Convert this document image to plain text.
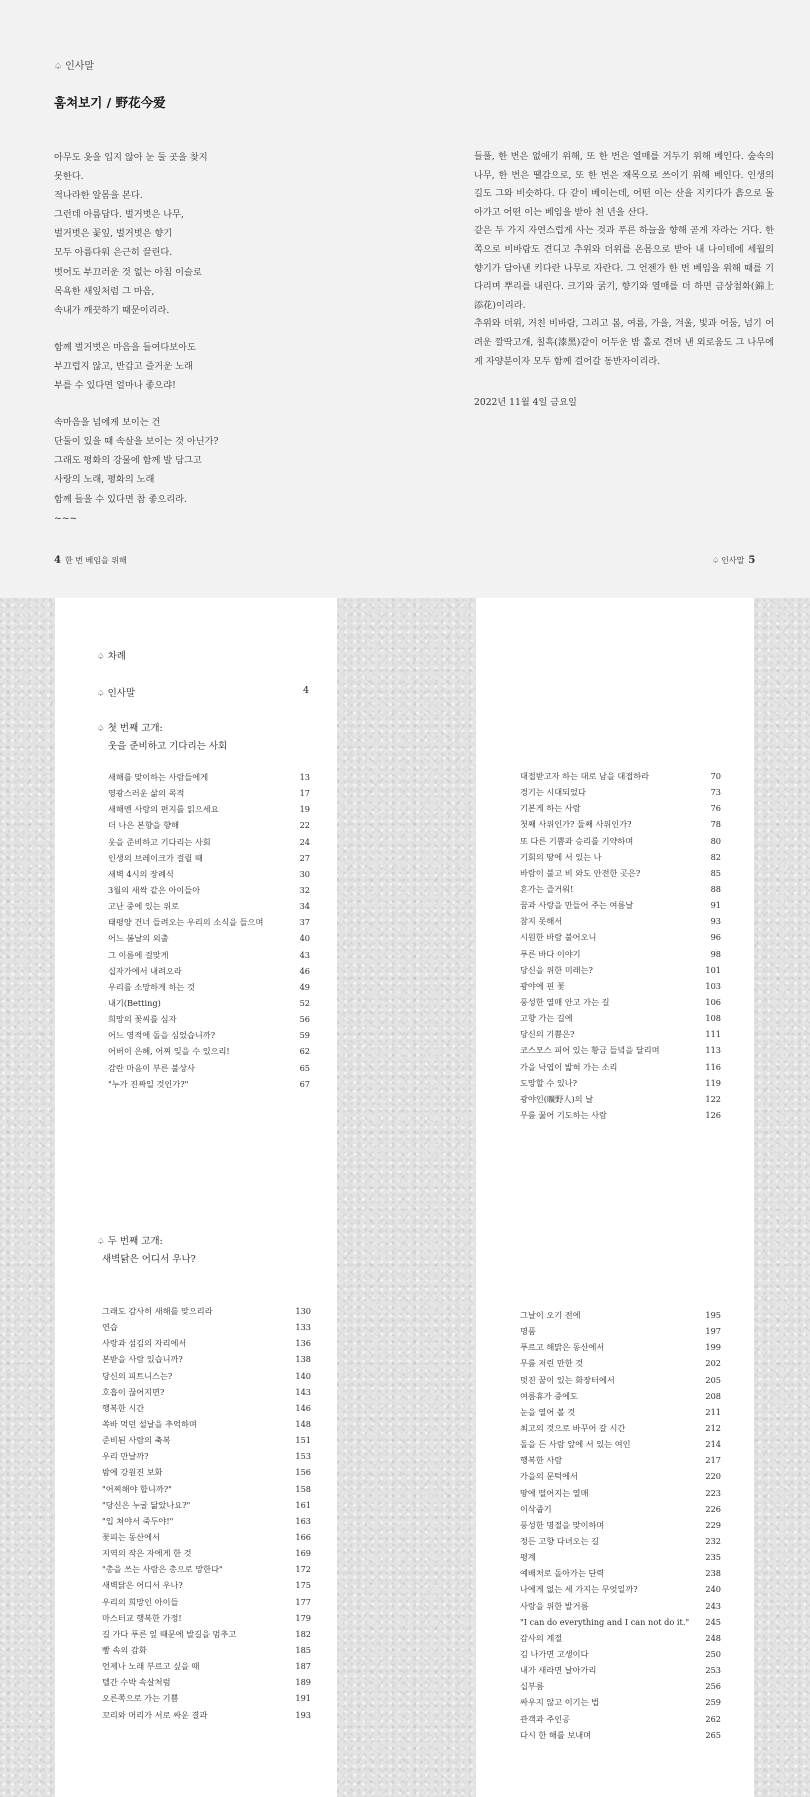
♤ 인사말
훔쳐보기 / 野花今爱
아무도 옷을 입지 않아 눈 둘 곳을 찾지
못한다.
적나라한 알몸을 본다.
그런데 아름답다. 벌거벗은 나무,
벌거벗은 꽃잎, 벌거벗은 향기
모두 아름다워 은근히 끌린다.
벗어도 부끄러운 것 없는 아침 이슬로
목욕한 새잎처럼 그 마음,
속내가 깨끗하기 때문이리라.
함께 벌거벗은 마음을 들여다보아도
부끄럽지 않고, 반갑고 즐거운 노래
부를 수 있다면 얼마나 좋으랴!
속마음을 넘에게 보이는 건
단둘이 있을 때 속살을 보이는 것 아닌가?
그래도 평화의 강물에 함께 발 담그고
사랑의 노래, 평화의 노래
함께 들을 수 있다면 참 좋으리라.
~~~
4 한 번 베임을 위해

들풀, 한 번은 없애기 위해, 또 한 번은 열매를 거두기 위해 베인다. 숲속의 나무, 한 번은 땔감으로, 또 한 번은 재목으로 쓰이기 위해 베인다. 인생의 길도 그와 비슷하다. 다 같이 베이는데, 어떤 이는 산을 지키다가 흙으로 돌아가고 어떤 이는 베임을 받아 천 년을 산다.

같은 두 가지 자연스럽게 사는 것과 푸른 하늘을 향해 곧게 자라는 거다. 한쪽으로 비바람도 견디고 추위와 더위를 온몸으로 받아 내 나이테에 세월의 향기가 담아낸 키다란 나무로 자란다. 그 언젠가 한 번 베임을 위해 때를 기다리며 뿌리를 내린다. 크기와 굵기, 향기와 열매를 더 하면 금상첨화(錦上添花)이리라.

추위와 더위, 거친 비바람, 그리고 봄, 여름, 가을, 겨울, 빛과 어둠, 넘기 어려운 깔딱고개, 칠흑(漆黑)같이 어두운 밤 홀로 견뎌 낸 외로움도 그 나무에게 자양분이자 모두 함께 걸어갈 동반자이리라.

2022년 11월 4일 금요일
♤ 인사말 5
♤ 차례
♤ 인사말	4
♤ 첫 번째 고개:
웃을 준비하고 기다리는 사회
새해를 맞이하는 사람들에게	13
영광스러운 삶의 목적	17
새해엔 사랑의 편지를 읽으세요	19
더 나은 본향을 향해	22
웃을 준비하고 기다리는 사회	24
인생의 브레이크가 걸릴 때	27
새벽 4시의 장례식	30
3월의 새싹 같은 아이들아	32
고난 중에 있는 위로	34
태평양 건너 들려오는 우리의 소식을 들으며	37
어느 봄날의 외출	40
그 이름에 걸맞게	43
십자가에서 내려오라	46
우리를 소망하게 하는 것	49
내기(Betting)	52
희망의 꽃씨를 심자	56
어느 영적에 돌을 심었습니까?	59
어버이 은혜, 어찌 잊을 수 있으리!	62
감란 마음이 부른 불상사	65
"누가 진짜일 것인가?"	67
♤ 두 번째 고개:
새벽닭은 어디서 우나?
그래도 감사히 새해를 맞으리라	130
연습	133
사랑과 섬김의 자리에서	136
본받을 사람 있습니까?	138
당신의 피트니스는?	140
호흡이 끊어지면?	143
행복한 시간	146
쏙바 먹던 설날을 추억하며	148
준비된 사람의 축복	151
우리 만날까?	153
밤에 강원진 보화	156
"어찌해야 합니까?"	158
"당신은 누굴 닮았나요?"	161
"입 쳐야서 죽두야!"	163
꽃피는 동산에서	166
지역의 작은 자에게 한 것	169
"총을 쓰는 사람은 총으로 망한다"	172
새벽닭은 어디서 우나?	175
우리의 희망인 아이들	177
마스터교 행복한 가정!	179
길 가다 푸른 잎 때문에 발길을 멈추고	182
빵 속의 감화	185
언제나 노래 부르고 싶을 때	187
텔간 수박 속살처럼	189
오른쪽으로 가는 기쁨	191
꼬리와 머리가 서로 싸운 결과	193
대접받고자 하는 대로 남을 대접하라	70
경기는 시대되었다	73
기본게 하는 사람	76
첫째 사위인가? 둘째 사위인가?	78
또 다른 기쁨과 승리를 기약하며	80
기회의 땅에 서 있는 나	82
바람이 불고 비 와도 안전한 곳은?	85
혼가는 즐거워!	88
꿈과 사랑을 만들어 주는 여름날	91
참지 못해서	93
시원한 바람 불어오니	96
푸른 바다 이야기	98
당신을 위한 미래는?	101
광야에 핀 꽃	103
풍성한 열매 안고 가는 길	106
고향 가는 길에	108
당신의 기쁨은?	111
코스모스 피어 있는 황금 들녘을 달리며	113
가을 낙엽이 밟혀 가는 소리	116
도망할 수 있나?	119
광야인(曠野人)의 날	122
무릎 꿇어 기도하는 사람	126
그날이 오기 전에	195
명품	197
푸르고 해맑은 동산에서	199
무릎 저린 만한 것	202
멋진 꿈이 있는 화장터에서	205
여름휴가 중에도	208
눈을 열어 볼 것	211
최고의 것으로 바꾸어 갈 시간	212
돌을 든 사람 앞에 서 있는 여인	214
행복한 사람	217
가을의 문턱에서	220
땅에 떨어지는 열매	223
이삭줍기	226
풍성한 명절을 맞이하며	229
정든 고향 다녀오는 길	232
평계	235
예배처로 돌아가는 단력	238
나에게 없는 세 가지는 무엇일까?	240
사랑을 위한 발거름	243
"I can do everything and I can not do it."	245
감사의 계절	248
김 나가면 고생이다	250
내가 새라면 날아가리	253
십부름	256
싸우지 않고 이기는 법	259
관객과 주인공	262
다시 한 해를 보내며	265
